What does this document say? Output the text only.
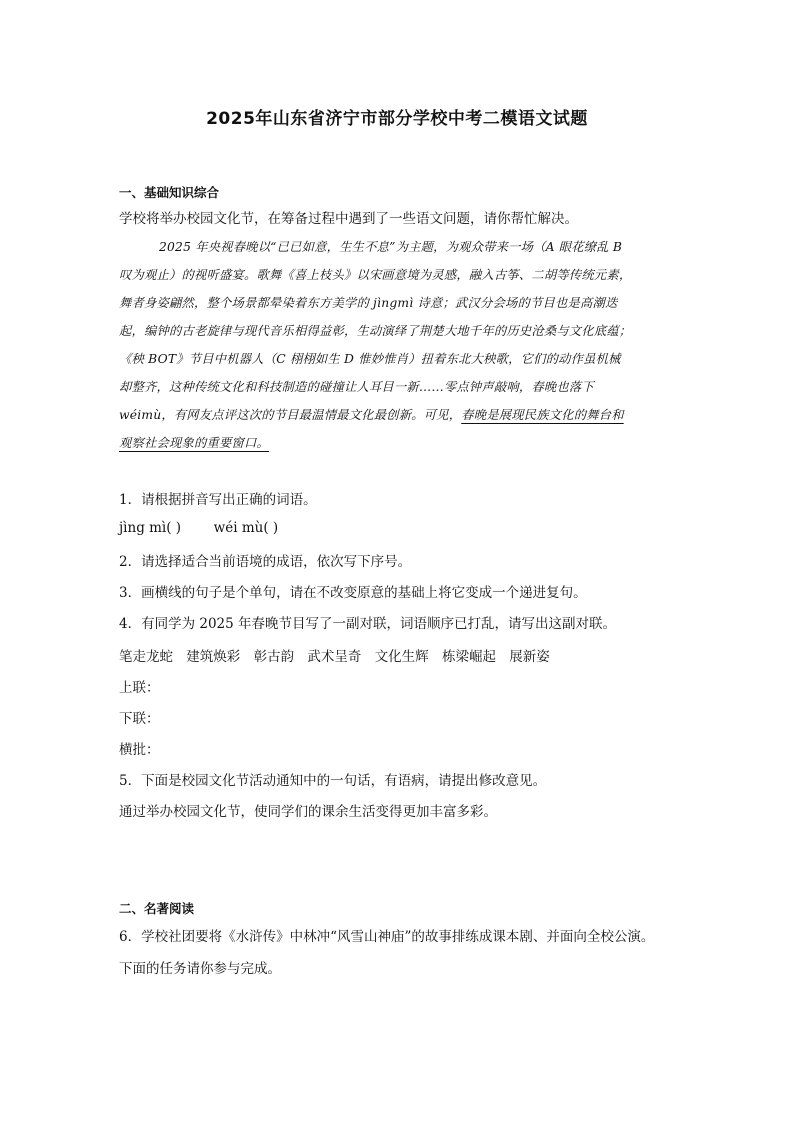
2025年山东省济宁市部分学校中考二模语文试题
一、基础知识综合
学校将举办校园文化节，在筹备过程中遇到了一些语文问题，请你帮忙解决。
2025 年央视春晚以“已已如意，生生不息”为主题，为观众带来一场（A 眼花缭乱 B
叹为观止）的视听盛宴。歌舞《喜上枝头》以宋画意境为灵感，融入古筝、二胡等传统元素，
舞者身姿翩然，整个场景都晕染着东方美学的 jìngmì 诗意；武汉分会场的节目也是高潮迭
起，编钟的古老旋律与现代音乐相得益彰，生动演绎了荆楚大地千年的历史沧桑与文化底蕴；
《秧 BOT》节目中机器人（C 栩栩如生 D 惟妙惟肖）扭着东北大秧歌，它们的动作虽机械
却整齐，这种传统文化和科技制造的碰撞让人耳目一新……零点钟声敲响，春晚也落下
wéimù，有网友点评这次的节目最温情最文化最创新。可见，春晚是展现民族文化的舞台和
观察社会现象的重要窗口。
1．请根据拼音写出正确的词语。
jìng mì( ) wéi mù( )
2．请选择适合当前语境的成语，依次写下序号。
3．画横线的句子是个单句，请在不改变原意的基础上将它变成一个递进复句。
4．有同学为 2025 年春晚节目写了一副对联，词语顺序已打乱，请写出这副对联。
笔走龙蛇 建筑焕彩 彰古韵 武术呈奇 文化生辉 栋梁崛起 展新姿
上联：
下联：
横批：
5．下面是校园文化节活动通知中的一句话，有语病，请提出修改意见。
通过举办校园文化节，使同学们的课余生活变得更加丰富多彩。
二、名著阅读
6．学校社团要将《水浒传》中林冲“风雪山神庙”的故事排练成课本剧、并面向全校公演。
下面的任务请你参与完成。
